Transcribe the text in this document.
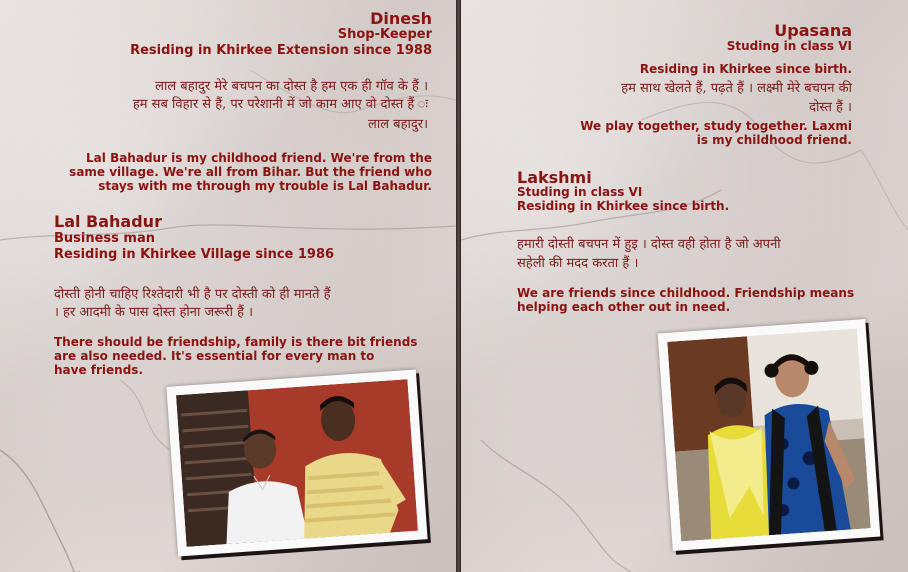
Dinesh

Shop-Keeper

Residing in Khirkee Extension since 1988

लाल बहादुर मेरे बचपन का दोस्त है हम एक ही गॉव के हैं ।

हम सब विहार से हैं, पर परेशानी में जो काम आए वो दोस्त हैं ः

लाल बहादुर।

Lal Bahadur is my childhood friend. We're from the

same village. We're all from Bihar. But the friend who

stays with me through my trouble is Lal Bahadur.

Lal Bahadur

Business man

Residing in Khirkee Village since 1986

दोस्ती होनी चाहिए रिश्तेदारी भी है पर दोस्ती को ही मानते हैं

। हर आदमी के पास दोस्त होना जरूरी हैं ।

There should be friendship, family is there bit friends

are also needed. It's essential for every man to

have friends.

Upasana

Studing in class VI

Residing in Khirkee since birth.

हम साथ खेलते हैं, पढ़ते हैं । लक्ष्मी मेरे बचपन की

दोस्त हैं ।

We play together, study together. Laxmi

is my childhood friend.

Lakshmi

Studing in class VI

Residing in Khirkee since birth.

हमारी दोस्ती बचपन में हुइ । दोस्त वही होता है जो अपनी

सहेली की मदद करता हैं ।

We are friends since childhood. Friendship means

helping each other out in need.
